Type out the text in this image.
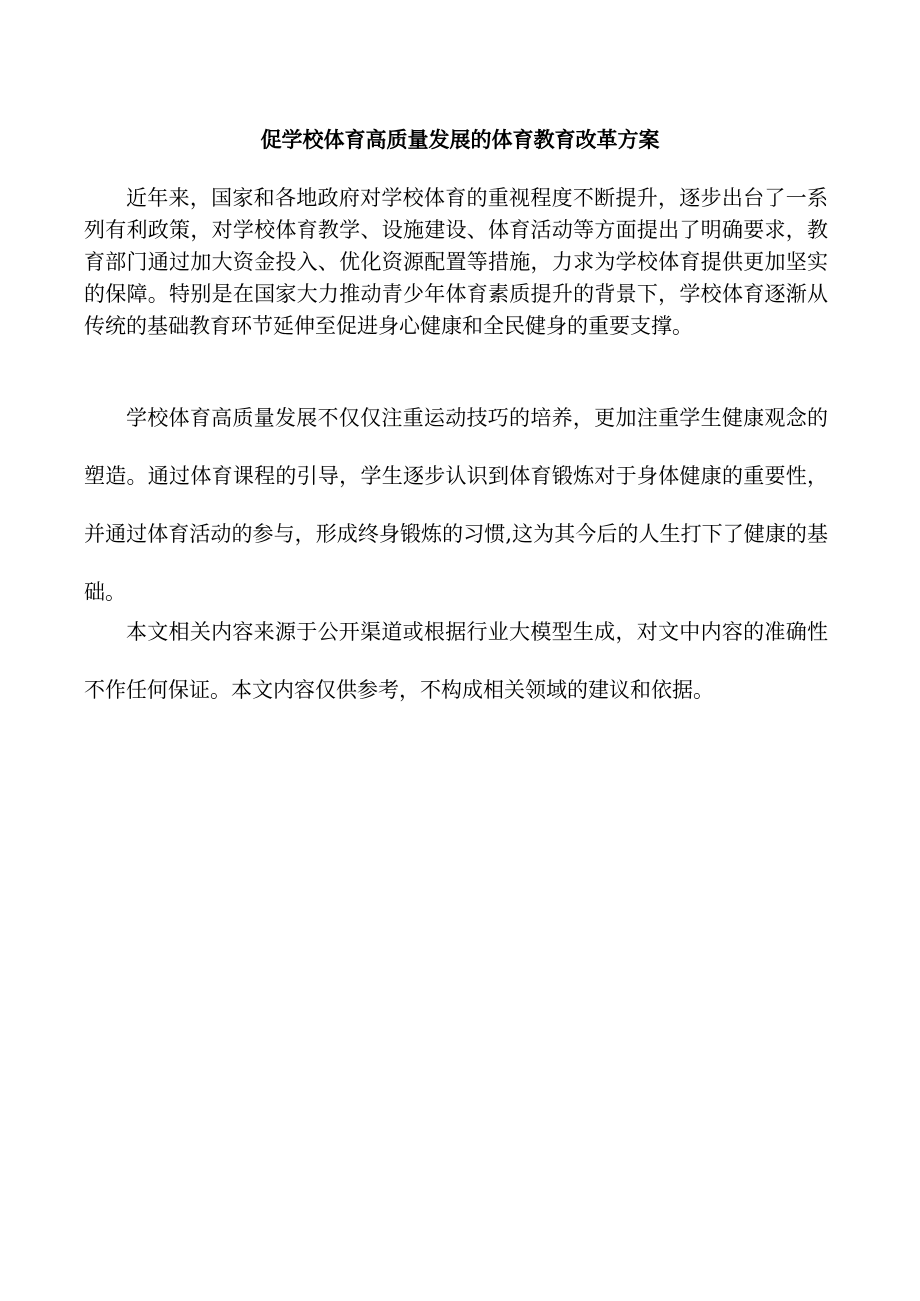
促学校体育高质量发展的体育教育改革方案

近年来，国家和各地政府对学校体育的重视程度不断提升，逐步出台了一系列有利政策，对学校体育教学、设施建设、体育活动等方面提出了明确要求，教育部门通过加大资金投入、优化资源配置等措施，力求为学校体育提供更加坚实的保障。特别是在国家大力推动青少年体育素质提升的背景下，学校体育逐渐从传统的基础教育环节延伸至促进身心健康和全民健身的重要支撑。

学校体育高质量发展不仅仅注重运动技巧的培养，更加注重学生健康观念的塑造。通过体育课程的引导，学生逐步认识到体育锻炼对于身体健康的重要性，并通过体育活动的参与，形成终身锻炼的习惯,这为其今后的人生打下了健康的基础。

本文相关内容来源于公开渠道或根据行业大模型生成，对文中内容的准确性不作任何保证。本文内容仅供参考，不构成相关领域的建议和依据。
